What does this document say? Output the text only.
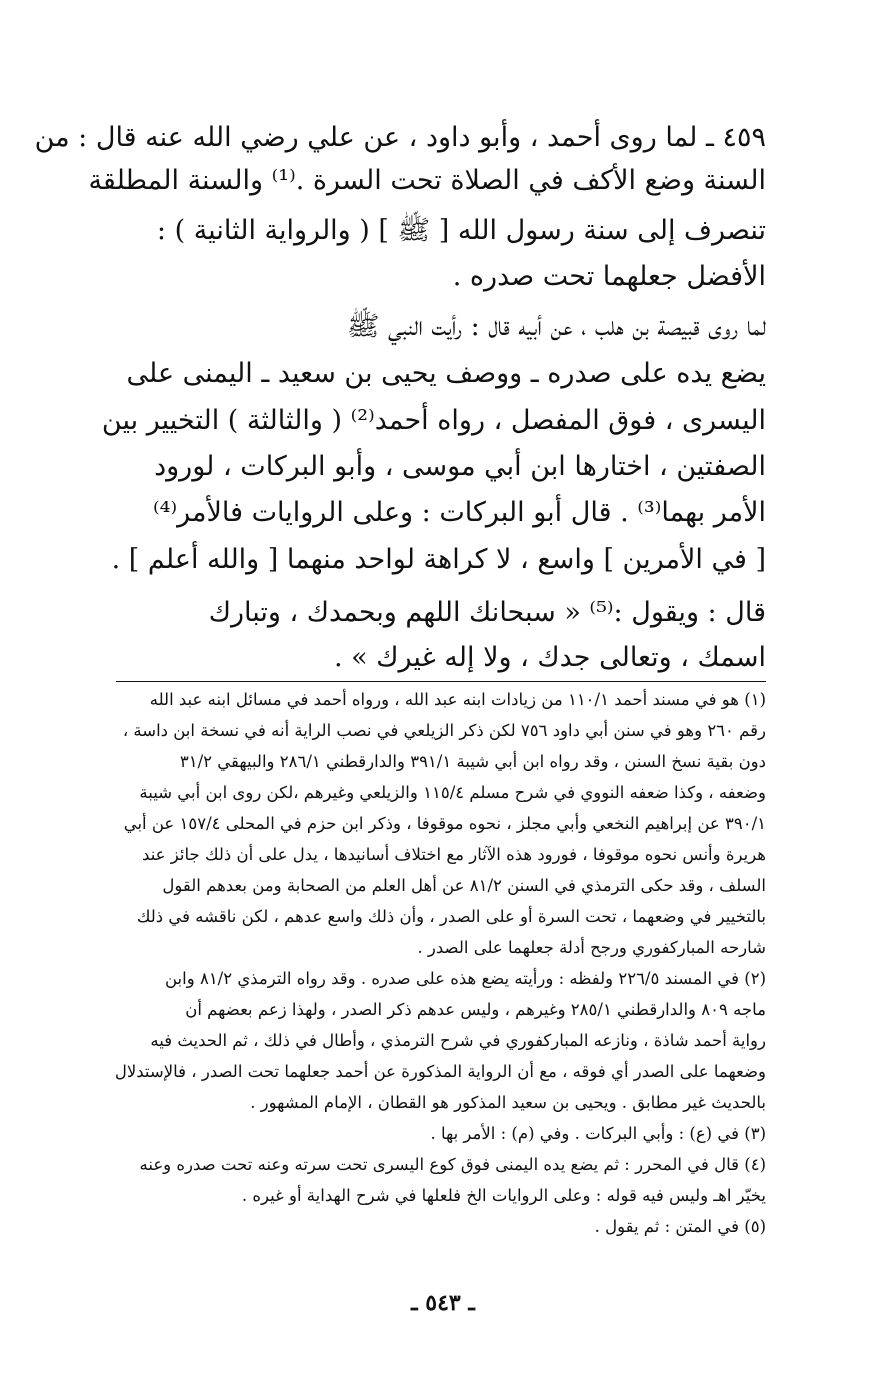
٤٥٩ ـ لما روى أحمد ، وأبو داود ، عن علي رضي الله عنه قال : من
السنة وضع الأكف في الصلاة تحت السرة .⁽¹⁾ والسنة المطلقة
تنصرف إلى سنة رسول الله [ ﷺ ] ( والرواية الثانية ) :
الأفضل جعلهما تحت صدره .
لما روى قبيصة بن هلب ، عن أبيه قال : رأيت النبي ﷺ
يضع يده على صدره ـ ووصف يحيى بن سعيد ـ اليمنى على
اليسرى ، فوق المفصل ، رواه أحمد⁽²⁾ ( والثالثة ) التخيير بين
الصفتين ، اختارها ابن أبي موسى ، وأبو البركات ، لورود
الأمر بهما⁽³⁾ . قال أبو البركات : وعلى الروايات فالأمر⁽⁴⁾
[ في الأمرين ] واسع ، لا كراهة لواحد منهما [ والله أعلم ] .
قال : ويقول :⁽⁵⁾ « سبحانك اللهم وبحمدك ، وتبارك
اسمك ، وتعالى جدك ، ولا إله غيرك » .
(١) هو في مسند أحمد ١١٠/١ من زيادات ابنه عبد الله ، ورواه أحمد في مسائل ابنه عبد الله
رقم ٢٦٠ وهو في سنن أبي داود ٧٥٦ لكن ذكر الزيلعي في نصب الراية أنه في نسخة ابن داسة ،
دون بقية نسخ السنن ، وقد رواه ابن أبي شيبة ٣٩١/١ والدارقطني ٢٨٦/١ والبيهقي ٣١/٢
وضعفه ، وكذا ضعفه النووي في شرح مسلم ١١٥/٤ والزيلعي وغيرهم ،لكن روى ابن أبي شيبة
٣٩٠/١ عن إبراهيم النخعي وأبي مجلز ، نحوه موقوفا ، وذكر ابن حزم في المحلى ١٥٧/٤ عن أبي
هريرة وأنس نحوه موقوفا ، فورود هذه الآثار مع اختلاف أسانيدها ، يدل على أن ذلك جائز عند
السلف ، وقد حكى الترمذي في السنن ٨١/٢ عن أهل العلم من الصحابة ومن بعدهم القول
بالتخيير في وضعهما ، تحت السرة أو على الصدر ، وأن ذلك واسع عدهم ، لكن ناقشه في ذلك
شارحه المباركفوري ورجح أدلة جعلهما على الصدر .
(٢) في المسند ٢٢٦/٥ ولفظه : ورأيته يضع هذه على صدره . وقد رواه الترمذي ٨١/٢ وابن
ماجه ٨٠٩ والدارقطني ٢٨٥/١ وغيرهم ، وليس عدهم ذكر الصدر ، ولهذا زعم بعضهم أن
رواية أحمد شاذة ، ونازعه المباركفوري في شرح الترمذي ، وأطال في ذلك ، ثم الحديث فيه
وضعهما على الصدر أي فوقه ، مع أن الرواية المذكورة عن أحمد جعلهما تحت الصدر ، فالإستدلال
بالحديث غير مطابق . ويحيى بن سعيد المذكور هو القطان ، الإمام المشهور .
(٣) في (ع) : وأبي البركات . وفي (م) : الأمر بها .
(٤) قال في المحرر : ثم يضع يده اليمنى فوق كوع اليسرى تحت سرته وعنه تحت صدره وعنه
يخيّر اهـ وليس فيه قوله : وعلى الروايات الخ فلعلها في شرح الهداية أو غيره .
(٥) في المتن : ثم يقول .
ـ ٥٤٣ ـ
